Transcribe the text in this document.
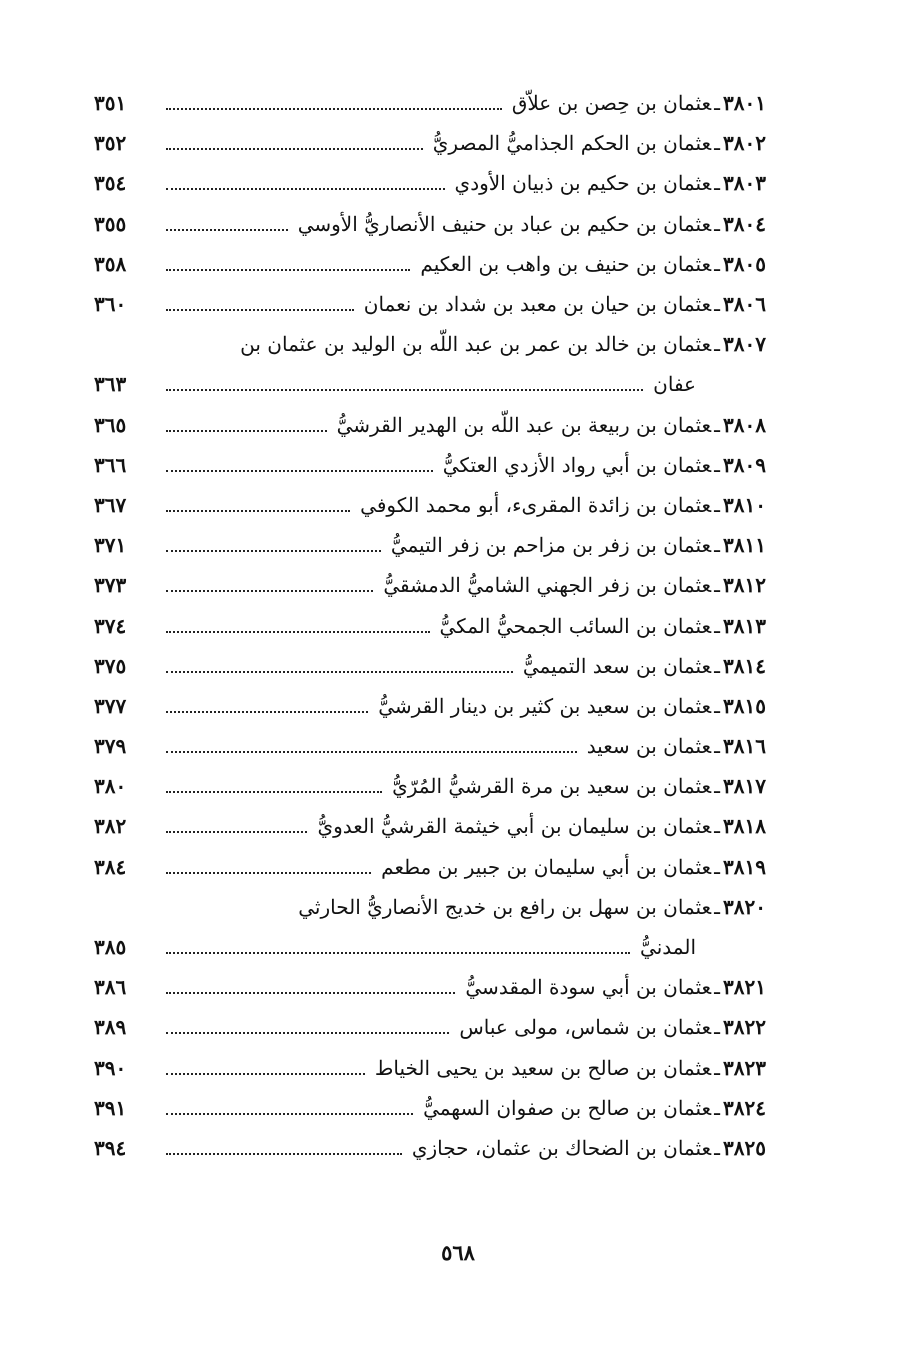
٣٨٠١ـعثمان بن حِصن بن علاّق
٣٥١
٣٨٠٢ـعثمان بن الحكم الجذاميُّ المصريُّ
٣٥٢
٣٨٠٣ـعثمان بن حكيم بن ذبيان الأودي
٣٥٤
٣٨٠٤ـعثمان بن حكيم بن عباد بن حنيف الأنصاريُّ الأوسي
٣٥٥
٣٨٠٥ـعثمان بن حنيف بن واهب بن العكيم
٣٥٨
٣٨٠٦ـعثمان بن حيان بن معبد بن شداد بن نعمان
٣٦٠
٣٨٠٧ـعثمان بن خالد بن عمر بن عبد اللّه بن الوليد بن عثمان بن
عفان
٣٦٣
٣٨٠٨ـعثمان بن ربيعة بن عبد اللّه بن الهدير القرشيُّ
٣٦٥
٣٨٠٩ـعثمان بن أبي رواد الأزدي العتكيُّ
٣٦٦
٣٨١٠ـعثمان بن زائدة المقرىء، أبو محمد الكوفي
٣٦٧
٣٨١١ـعثمان بن زفر بن مزاحم بن زفر التيميُّ
٣٧١
٣٨١٢ـعثمان بن زفر الجهني الشاميُّ الدمشقيُّ
٣٧٣
٣٨١٣ـعثمان بن السائب الجمحيُّ المكيُّ
٣٧٤
٣٨١٤ـعثمان بن سعد التميميُّ
٣٧٥
٣٨١٥ـعثمان بن سعيد بن كثير بن دينار القرشيُّ
٣٧٧
٣٨١٦ـعثمان بن سعيد
٣٧٩
٣٨١٧ـعثمان بن سعيد بن مرة القرشيُّ المُرّيُّ
٣٨٠
٣٨١٨ـعثمان بن سليمان بن أبي خيثمة القرشيُّ العدويُّ
٣٨٢
٣٨١٩ـعثمان بن أبي سليمان بن جبير بن مطعم
٣٨٤
٣٨٢٠ـعثمان بن سهل بن رافع بن خديج الأنصاريُّ الحارثي
المدنيُّ
٣٨٥
٣٨٢١ـعثمان بن أبي سودة المقدسيُّ
٣٨٦
٣٨٢٢ـعثمان بن شماس، مولى عباس
٣٨٩
٣٨٢٣ـعثمان بن صالح بن سعيد بن يحيى الخياط
٣٩٠
٣٨٢٤ـعثمان بن صالح بن صفوان السهميُّ
٣٩١
٣٨٢٥ـعثمان بن الضحاك بن عثمان، حجازي
٣٩٤
٥٦٨
